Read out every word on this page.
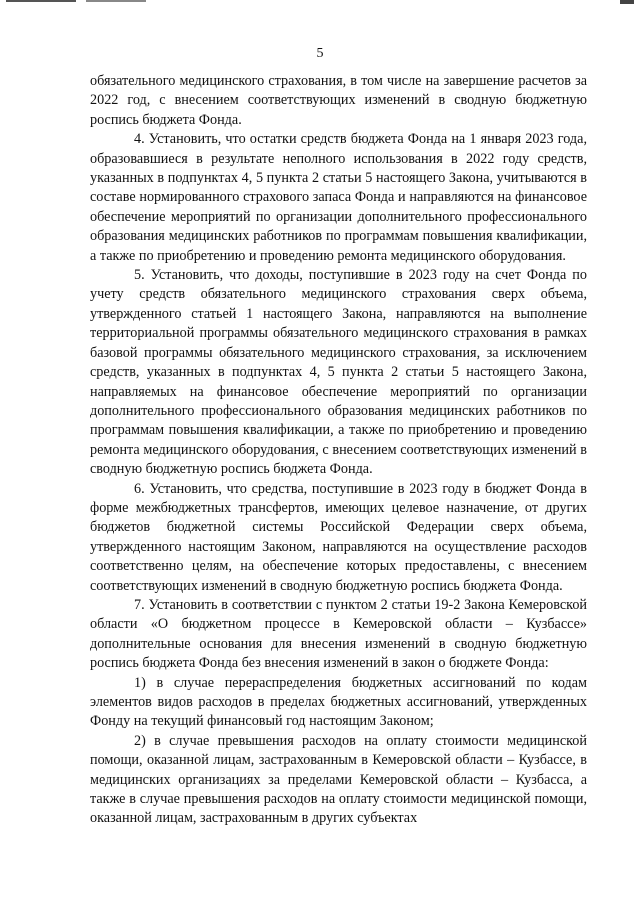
5

обязательного медицинского страхования, в том числе на завершение расчетов за 2022 год, с внесением соответствующих изменений в сводную бюджетную роспись бюджета Фонда.

4. Установить, что остатки средств бюджета Фонда на 1 января 2023 года, образовавшиеся в результате неполного использования в 2022 году средств, указанных в подпунктах 4, 5 пункта 2 статьи 5 настоящего Закона, учитываются в составе нормированного страхового запаса Фонда и направляются на финансовое обеспечение мероприятий по организации дополнительного профессионального образования медицинских работников по программам повышения квалификации, а также по приобретению и проведению ремонта медицинского оборудования.

5. Установить, что доходы, поступившие в 2023 году на счет Фонда по учету средств обязательного медицинского страхования сверх объема, утвержденного статьей 1 настоящего Закона, направляются на выполнение территориальной программы обязательного медицинского страхования в рамках базовой программы обязательного медицинского страхования, за исключением средств, указанных в подпунктах 4, 5 пункта 2 статьи 5 настоящего Закона, направляемых на финансовое обеспечение мероприятий по организации дополнительного профессионального образования медицинских работников по программам повышения квалификации, а также по приобретению и проведению ремонта медицинского оборудования, с внесением соответствующих изменений в сводную бюджетную роспись бюджета Фонда.

6. Установить, что средства, поступившие в 2023 году в бюджет Фонда в форме межбюджетных трансфертов, имеющих целевое назначение, от других бюджетов бюджетной системы Российской Федерации сверх объема, утвержденного настоящим Законом, направляются на осуществление расходов соответственно целям, на обеспечение которых предоставлены, с внесением соответствующих изменений в сводную бюджетную роспись бюджета Фонда.

7. Установить в соответствии с пунктом 2 статьи 19-2 Закона Кемеровской области «О бюджетном процессе в Кемеровской области – Кузбассе» дополнительные основания для внесения изменений в сводную бюджетную роспись бюджета Фонда без внесения изменений в закон о бюджете Фонда:

1) в случае перераспределения бюджетных ассигнований по кодам элементов видов расходов в пределах бюджетных ассигнований, утвержденных Фонду на текущий финансовый год настоящим Законом;

2) в случае превышения расходов на оплату стоимости медицинской помощи, оказанной лицам, застрахованным в Кемеровской области – Кузбассе, в медицинских организациях за пределами Кемеровской области – Кузбасса, а также в случае превышения расходов на оплату стоимости медицинской помощи, оказанной лицам, застрахованным в других субъектах
